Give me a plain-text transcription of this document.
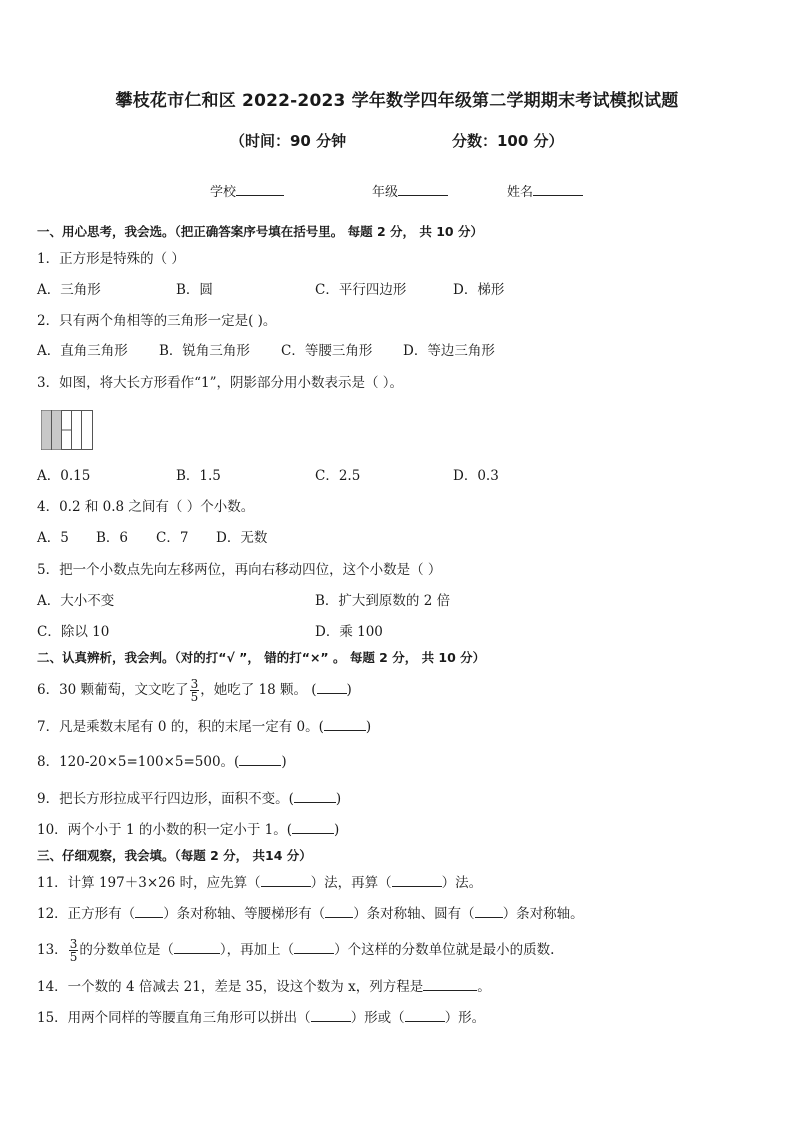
攀枝花市仁和区 2022-2023 学年数学四年级第二学期期末考试模拟试题
（时间：90 分钟	分数：100 分）
学校	年级	姓名
一、用心思考，我会选。（把正确答案序号填在括号里。 每题 2 分， 共 10 分）
1．正方形是特殊的（ ）
A．三角形	B．圆	C．平行四边形	D．梯形
2．只有两个角相等的三角形一定是( )。
A．直角三角形 B．锐角三角形 C．等腰三角形 D．等边三角形
3．如图，将大长方形看作“1”，阴影部分用小数表示是（ ）。
A．0.15	B．1.5	C．2.5	D．0.3
4．0.2 和 0.8 之间有（ ）个小数。
A．5 B．6 C．7 D．无数
5．把一个小数点先向左移两位，再向右移动四位，这个小数是（ ）
A．大小不变	B．扩大到原数的 2 倍
C．除以 10	D．乘 100
二、认真辨析，我会判。（对的打“√ ”， 错的打“×” 。 每题 2 分， 共 10 分）
6．30 颗葡萄，文文吃了 $\frac{3}{5}$ ，她吃了 18 颗。 ( )
7．凡是乘数末尾有 0 的，积的末尾一定有 0。(	)
8．120-20×5=100×5=500。(	)
9．把长方形拉成平行四边形，面积不变。(	)
10．两个小于 1 的小数的积一定小于 1。(	)
三、仔细观察，我会填。（每题 2 分， 共14 分）
11．计算 197＋3×26 时，应先算（	）法，再算（	）法。
12．正方形有（ ）条对称轴、等腰梯形有（ ）条对称轴、圆有（ ）条对称轴。
13． $\frac{3}{5}$ 的分数单位是（	），再加上（	）个这样的分数单位就是最小的质数.
14．一个数的 4 倍减去 21，差是 35，设这个数为 x，列方程是	。
15．用两个同样的等腰直角三角形可以拼出（	）形或（	）形。
